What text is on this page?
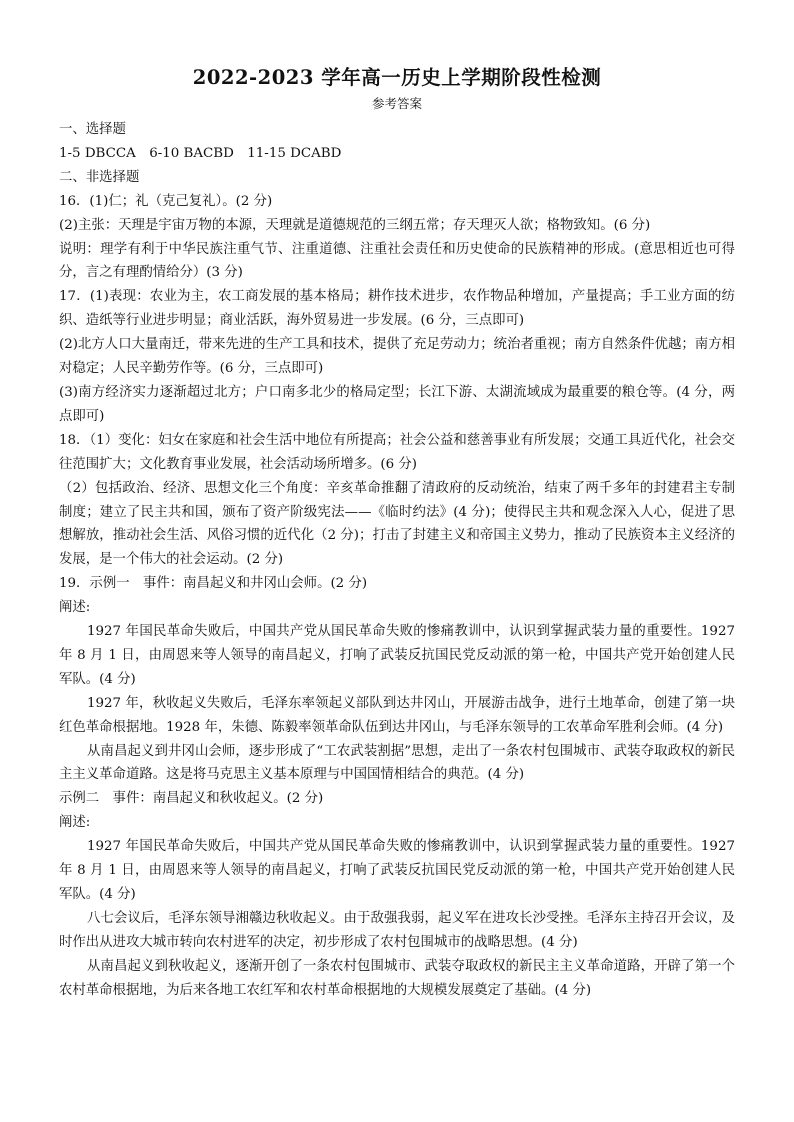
2022-2023 学年高一历史上学期阶段性检测
参考答案

一、选择题

1-5 DBCCA　6-10 BACBD　11-15 DCABD

二、非选择题

16．(1)仁；礼（克己复礼）。(2 分)

(2)主张：天理是宇宙万物的本源，天理就是道德规范的三纲五常；存天理灭人欲；格物致知。(6 分)

说明：理学有利于中华民族注重气节、注重道德、注重社会责任和历史使命的民族精神的形成。(意思相近也可得分，言之有理酌情给分）(3 分)

17．(1)表现：农业为主，农工商发展的基本格局；耕作技术进步，农作物品种增加，产量提高；手工业方面的纺织、造纸等行业进步明显；商业活跃，海外贸易进一步发展。(6 分，三点即可)

(2)北方人口大量南迁，带来先进的生产工具和技术，提供了充足劳动力；统治者重视；南方自然条件优越；南方相对稳定；人民辛勤劳作等。(6 分，三点即可)

(3)南方经济实力逐渐超过北方；户口南多北少的格局定型；长江下游、太湖流域成为最重要的粮仓等。(4 分，两点即可)

18．（1）变化：妇女在家庭和社会生活中地位有所提高；社会公益和慈善事业有所发展；交通工具近代化，社会交往范围扩大；文化教育事业发展，社会活动场所增多。(6 分)

（2）包括政治、经济、思想文化三个角度：辛亥革命推翻了清政府的反动统治，结束了两千多年的封建君主专制制度；建立了民主共和国，颁布了资产阶级宪法——《临时约法》(4 分)；使得民主共和观念深入人心，促进了思想解放，推动社会生活、风俗习惯的近代化（2 分)；打击了封建主义和帝国主义势力，推动了民族资本主义经济的发展，是一个伟大的社会运动。(2 分)

19．示例一　事件：南昌起义和井冈山会师。(2 分)

阐述:

1927 年国民革命失败后，中国共产党从国民革命失败的惨痛教训中，认识到掌握武装力量的重要性。1927 年 8 月 1 日，由周恩来等人领导的南昌起义，打响了武装反抗国民党反动派的第一枪，中国共产党开始创建人民军队。(4 分)

1927 年，秋收起义失败后，毛泽东率领起义部队到达井冈山，开展游击战争，进行土地革命，创建了第一块红色革命根据地。1928 年，朱德、陈毅率领革命队伍到达井冈山，与毛泽东领导的工农革命军胜利会师。(4 分)

从南昌起义到井冈山会师，逐步形成了“工农武装割据”思想，走出了一条农村包围城市、武装夺取政权的新民主主义革命道路。这是将马克思主义基本原理与中国国情相结合的典范。(4 分)

示例二　事件：南昌起义和秋收起义。(2 分)

阐述:

1927 年国民革命失败后，中国共产党从国民革命失败的惨痛教训中，认识到掌握武装力量的重要性。1927 年 8 月 1 日，由周恩来等人领导的南昌起义，打响了武装反抗国民党反动派的第一枪，中国共产党开始创建人民军队。(4 分)

八七会议后，毛泽东领导湘赣边秋收起义。由于敌强我弱，起义军在进攻长沙受挫。毛泽东主持召开会议，及时作出从进攻大城市转向农村进军的决定，初步形成了农村包围城市的战略思想。(4 分)

从南昌起义到秋收起义，逐渐开创了一条农村包围城市、武装夺取政权的新民主主义革命道路，开辟了第一个农村革命根据地，为后来各地工农红军和农村革命根据地的大规模发展奠定了基础。(4 分)
